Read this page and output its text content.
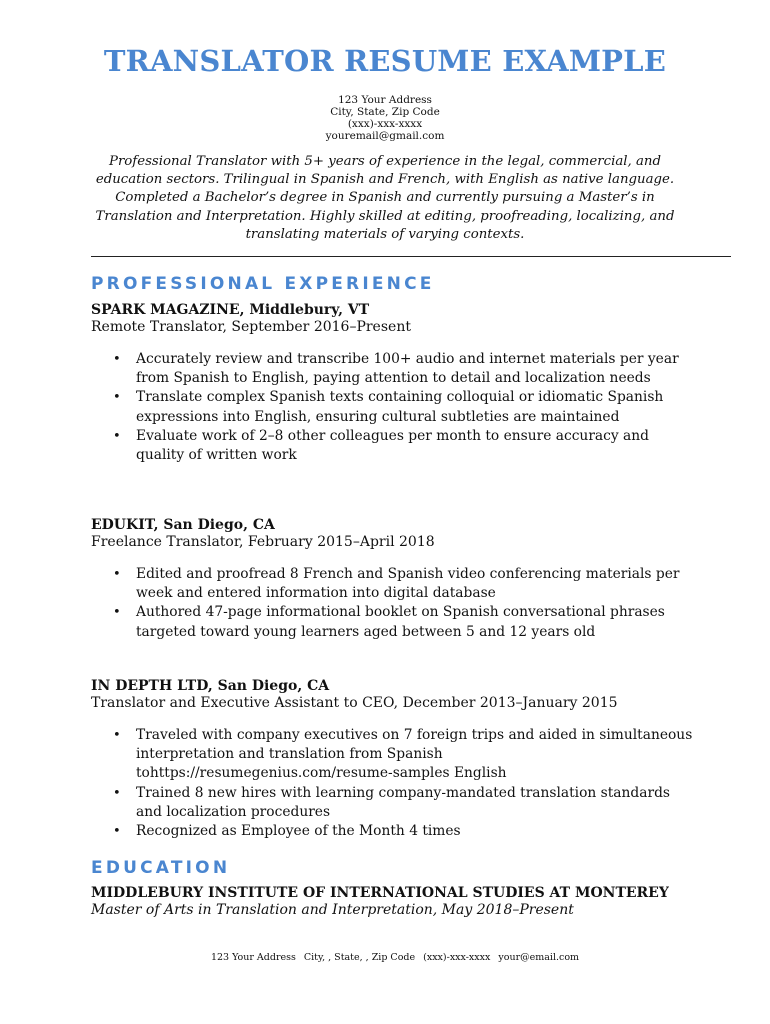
TRANSLATOR RESUME EXAMPLE
123 Your Address
City, State, Zip Code
(xxx)-xxx-xxxx
youremail@gmail.com

Professional Translator with 5+ years of experience in the legal, commercial, and education sectors. Trilingual in Spanish and French, with English as native language. Completed a Bachelor’s degree in Spanish and currently pursuing a Master’s in Translation and Interpretation. Highly skilled at editing, proofreading, localizing, and translating materials of varying contexts.

PROFESSIONAL EXPERIENCE

SPARK MAGAZINE, Middlebury, VT

Remote Translator, September 2016–Present

• Accurately review and transcribe 100+ audio and internet materials per year from Spanish to English, paying attention to detail and localization needs
• Translate complex Spanish texts containing colloquial or idiomatic Spanish expressions into English, ensuring cultural subtleties are maintained
• Evaluate work of 2–8 other colleagues per month to ensure accuracy and quality of written work

EDUKIT, San Diego, CA

Freelance Translator, February 2015–April 2018

• Edited and proofread 8 French and Spanish video conferencing materials per week and entered information into digital database
• Authored 47-page informational booklet on Spanish conversational phrases targeted toward young learners aged between 5 and 12 years old

IN DEPTH LTD, San Diego, CA

Translator and Executive Assistant to CEO, December 2013–January 2015

• Traveled with company executives on 7 foreign trips and aided in simultaneous interpretation and translation from Spanish tohttps://resumegenius.com/resume-samples English
• Trained 8 new hires with learning company-mandated translation standards and localization procedures
• Recognized as Employee of the Month 4 times
EDUCATION

MIDDLEBURY INSTITUTE OF INTERNATIONAL STUDIES AT MONTEREY

Master of Arts in Translation and Interpretation, May 2018–Present

123 Your Address City, , State, , Zip Code (xxx)-xxx-xxxx your@email.com
